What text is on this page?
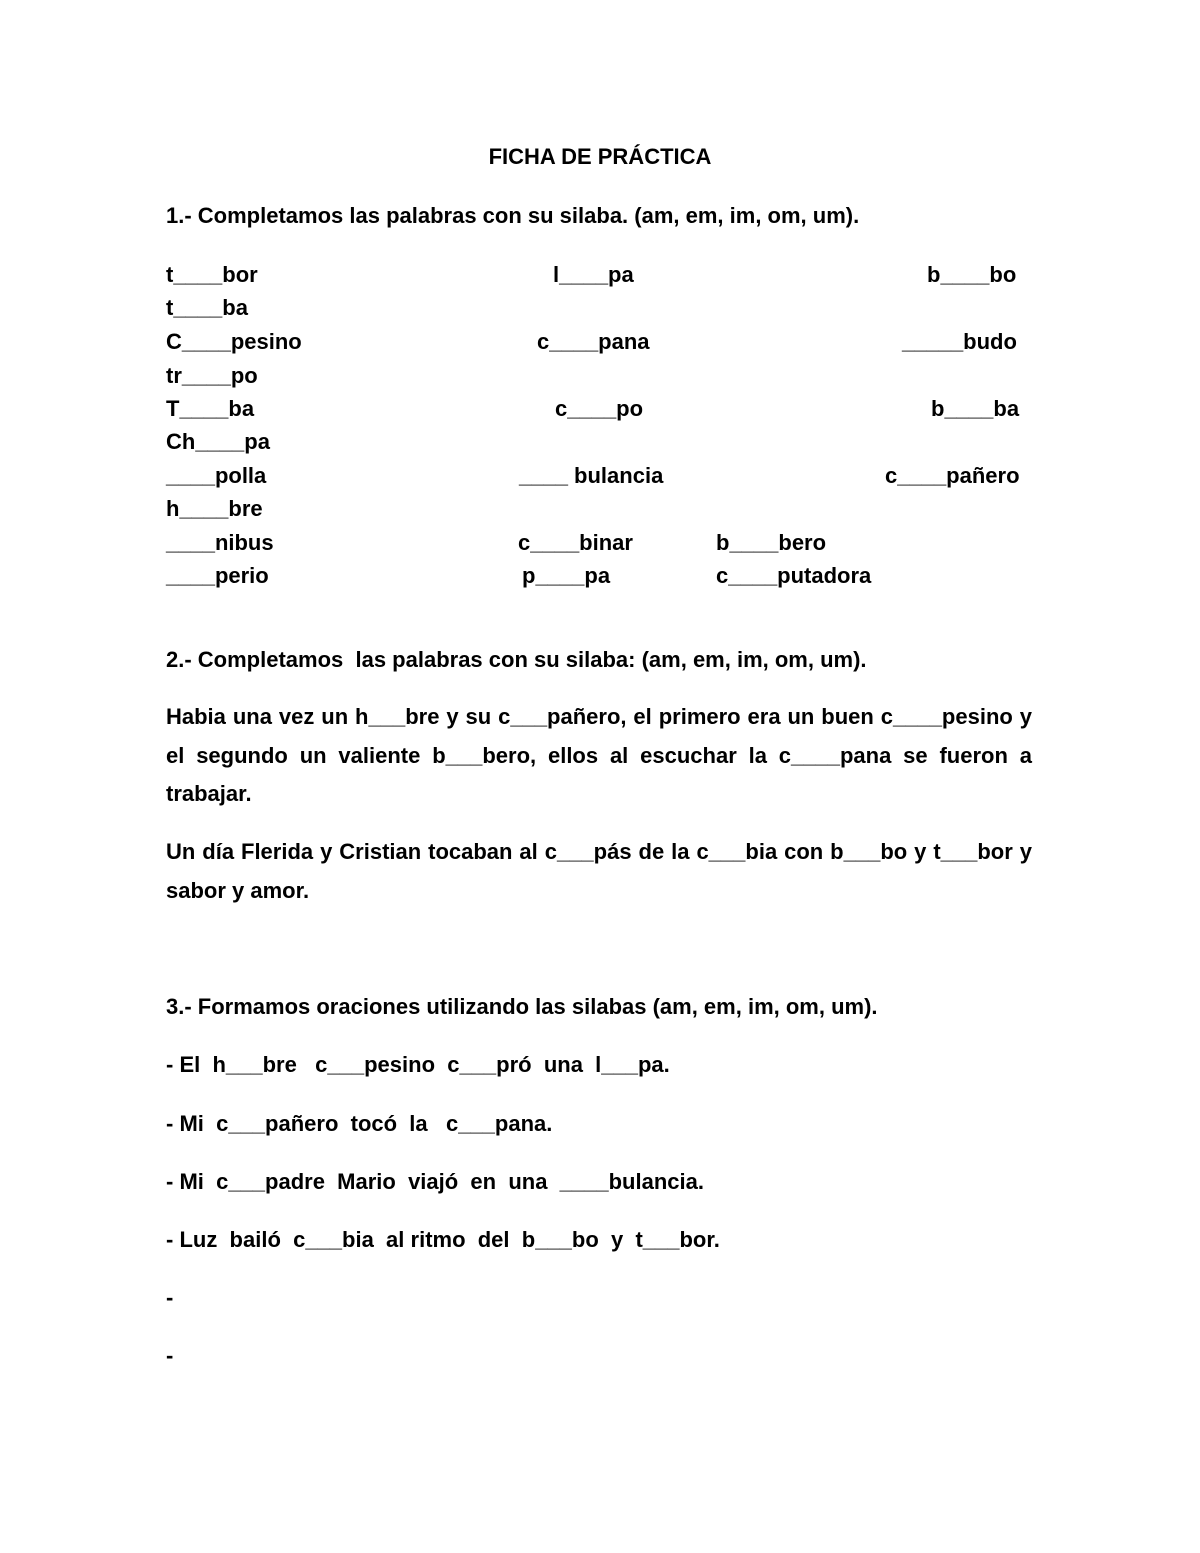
FICHA DE PRÁCTICA
1.- Completamos las palabras con su silaba. (am, em, im, om, um).
t____bor	l____pa	b____bo
t____ba
C____pesino	c____pana	_____budo
tr____po
T____ba	c____po	b____ba
Ch____pa
____polla	____ bulancia	c____pañero
h____bre
____nibus	c____binar	b____bero
____perio	p____pa	c____putadora
2.- Completamos  las palabras con su silaba: (am, em, im, om, um).
Habia una vez un h___bre y su c___pañero, el primero era un buen c____pesino y el segundo un valiente b___bero, ellos al escuchar la c____pana se fueron a trabajar.
Un día Flerida y Cristian tocaban al c___pás de la c___bia con b___bo y t___bor y sabor y amor.
3.- Formamos oraciones utilizando las silabas (am, em, im, om, um).
- El  h___bre   c___pesino  c___pró  una  l___pa.
- Mi  c___pañero  tocó  la   c___pana.
- Mi  c___padre  Mario  viajó  en  una  ____bulancia.
- Luz  bailó  c___bia  al ritmo  del  b___bo  y  t___bor.
-
-
